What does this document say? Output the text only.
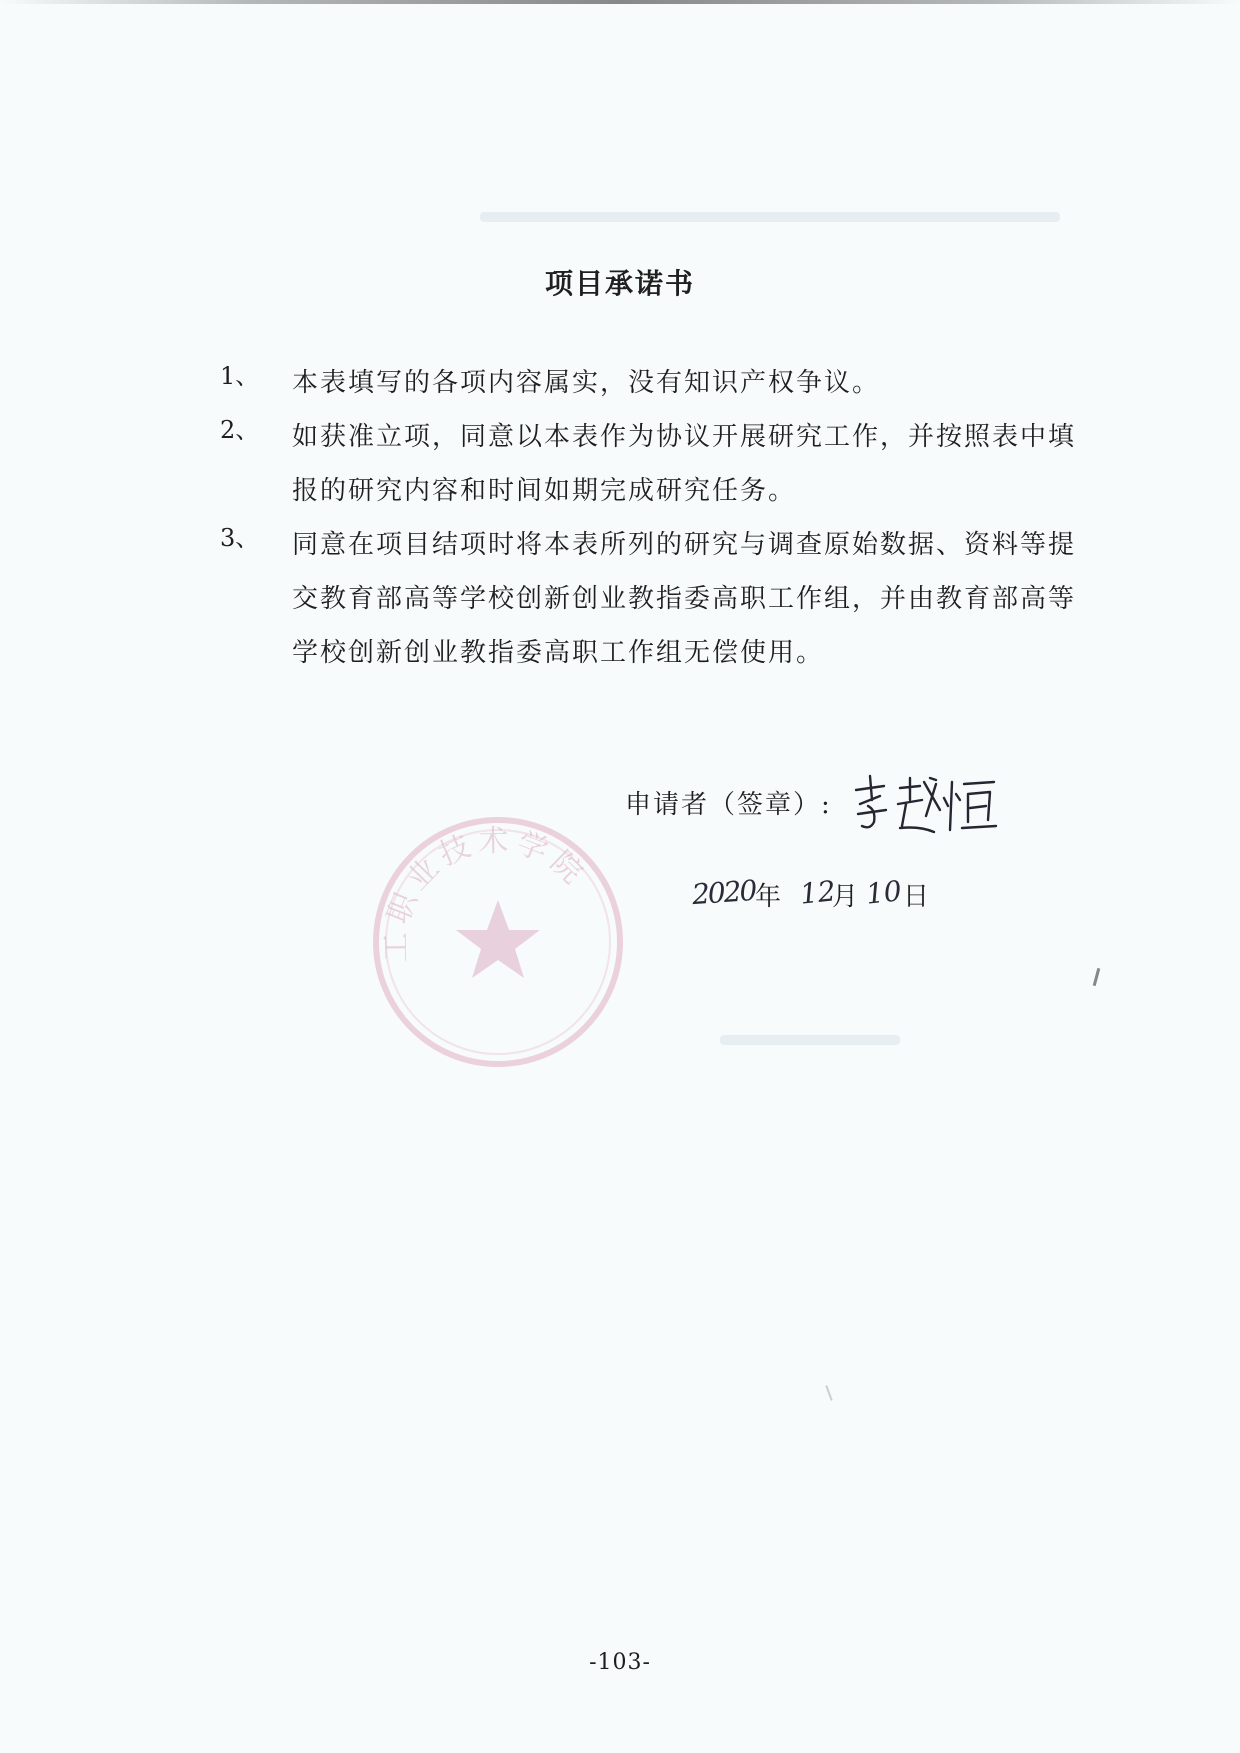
项目承诺书
1、	本表填写的各项内容属实，没有知识产权争议。
2、	如获准立项，同意以本表作为协议开展研究工作，并按照表中填报的研究内容和时间如期完成研究任务。
3、	同意在项目结项时将本表所列的研究与调查原始数据、资料等提交教育部高等学校创新创业教指委高职工作组，并由教育部高等学校创新创业教指委高职工作组无偿使用。
工职业技术学院
申请者（签章）:
2020
年 12
月 10 日
-103-
